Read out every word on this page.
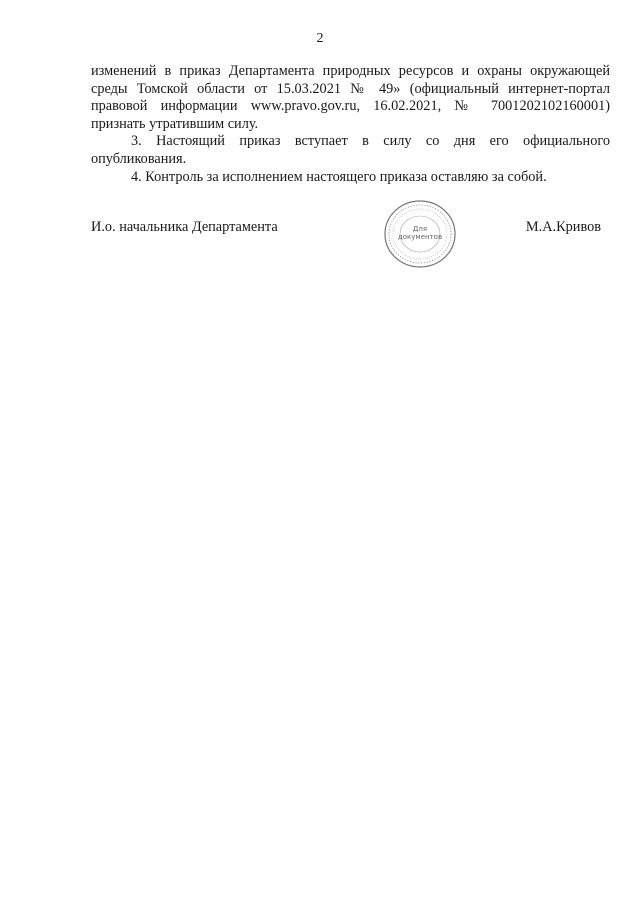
2

изменений в приказ Департамента природных ресурсов и охраны окружающей среды Томской области от 15.03.2021 № 49» (официальный интернет-портал правовой информации www.pravo.gov.ru, 16.02.2021, № 7001202102160001) признать утратившим силу.

3. Настоящий приказ вступает в силу со дня его официального опубликования.

4. Контроль за исполнением настоящего приказа оставляю за собой.

И.о. начальника Департамента	М.А.Кривов
Для
документов
